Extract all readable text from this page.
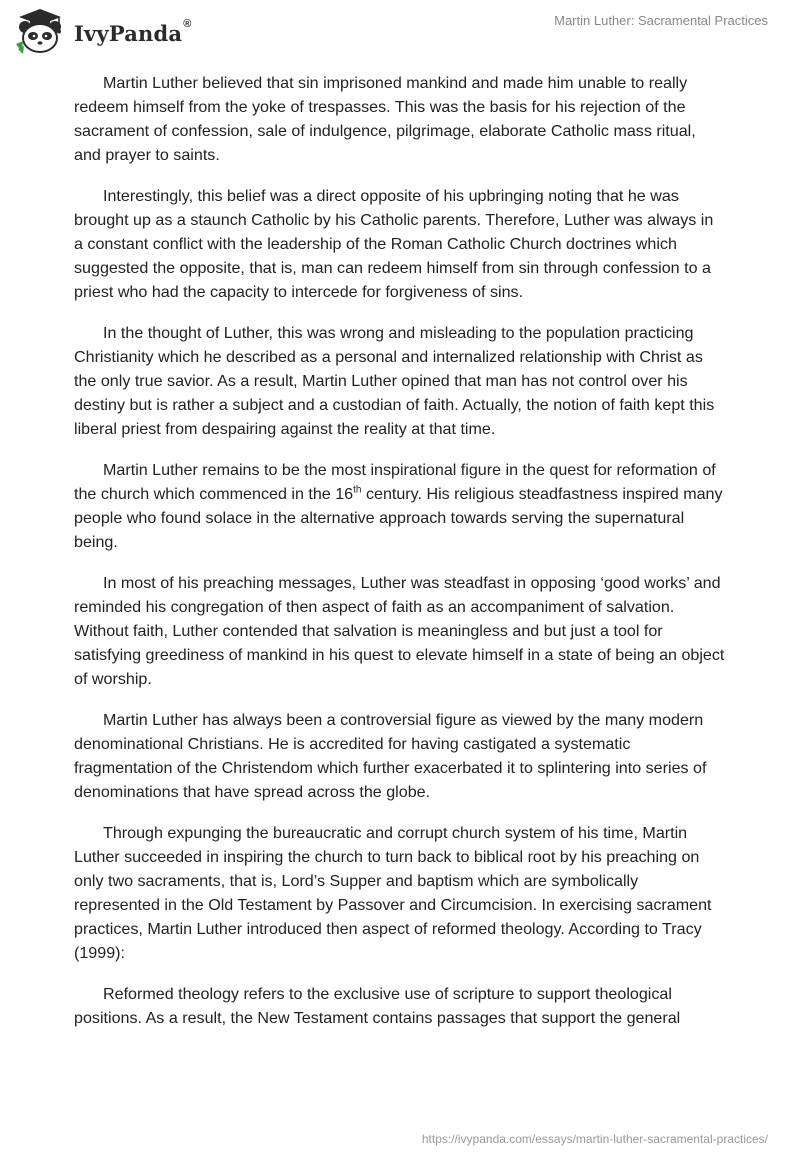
IvyPanda®	Martin Luther: Sacramental Practices

Martin Luther believed that sin imprisoned mankind and made him unable to really redeem himself from the yoke of trespasses. This was the basis for his rejection of the sacrament of confession, sale of indulgence, pilgrimage, elaborate Catholic mass ritual, and prayer to saints.

Interestingly, this belief was a direct opposite of his upbringing noting that he was brought up as a staunch Catholic by his Catholic parents. Therefore, Luther was always in a constant conflict with the leadership of the Roman Catholic Church doctrines which suggested the opposite, that is, man can redeem himself from sin through confession to a priest who had the capacity to intercede for forgiveness of sins.

In the thought of Luther, this was wrong and misleading to the population practicing Christianity which he described as a personal and internalized relationship with Christ as the only true savior. As a result, Martin Luther opined that man has not control over his destiny but is rather a subject and a custodian of faith. Actually, the notion of faith kept this liberal priest from despairing against the reality at that time.

Martin Luther remains to be the most inspirational figure in the quest for reformation of the church which commenced in the 16th century. His religious steadfastness inspired many people who found solace in the alternative approach towards serving the supernatural being.

In most of his preaching messages, Luther was steadfast in opposing ‘good works’ and reminded his congregation of then aspect of faith as an accompaniment of salvation. Without faith, Luther contended that salvation is meaningless and but just a tool for satisfying greediness of mankind in his quest to elevate himself in a state of being an object of worship.

Martin Luther has always been a controversial figure as viewed by the many modern denominational Christians. He is accredited for having castigated a systematic fragmentation of the Christendom which further exacerbated it to splintering into series of denominations that have spread across the globe.

Through expunging the bureaucratic and corrupt church system of his time, Martin Luther succeeded in inspiring the church to turn back to biblical root by his preaching on only two sacraments, that is, Lord’s Supper and baptism which are symbolically represented in the Old Testament by Passover and Circumcision. In exercising sacrament practices, Martin Luther introduced then aspect of reformed theology. According to Tracy (1999):

Reformed theology refers to the exclusive use of scripture to support theological positions. As a result, the New Testament contains passages that support the general

https://ivypanda.com/essays/martin-luther-sacramental-practices/
